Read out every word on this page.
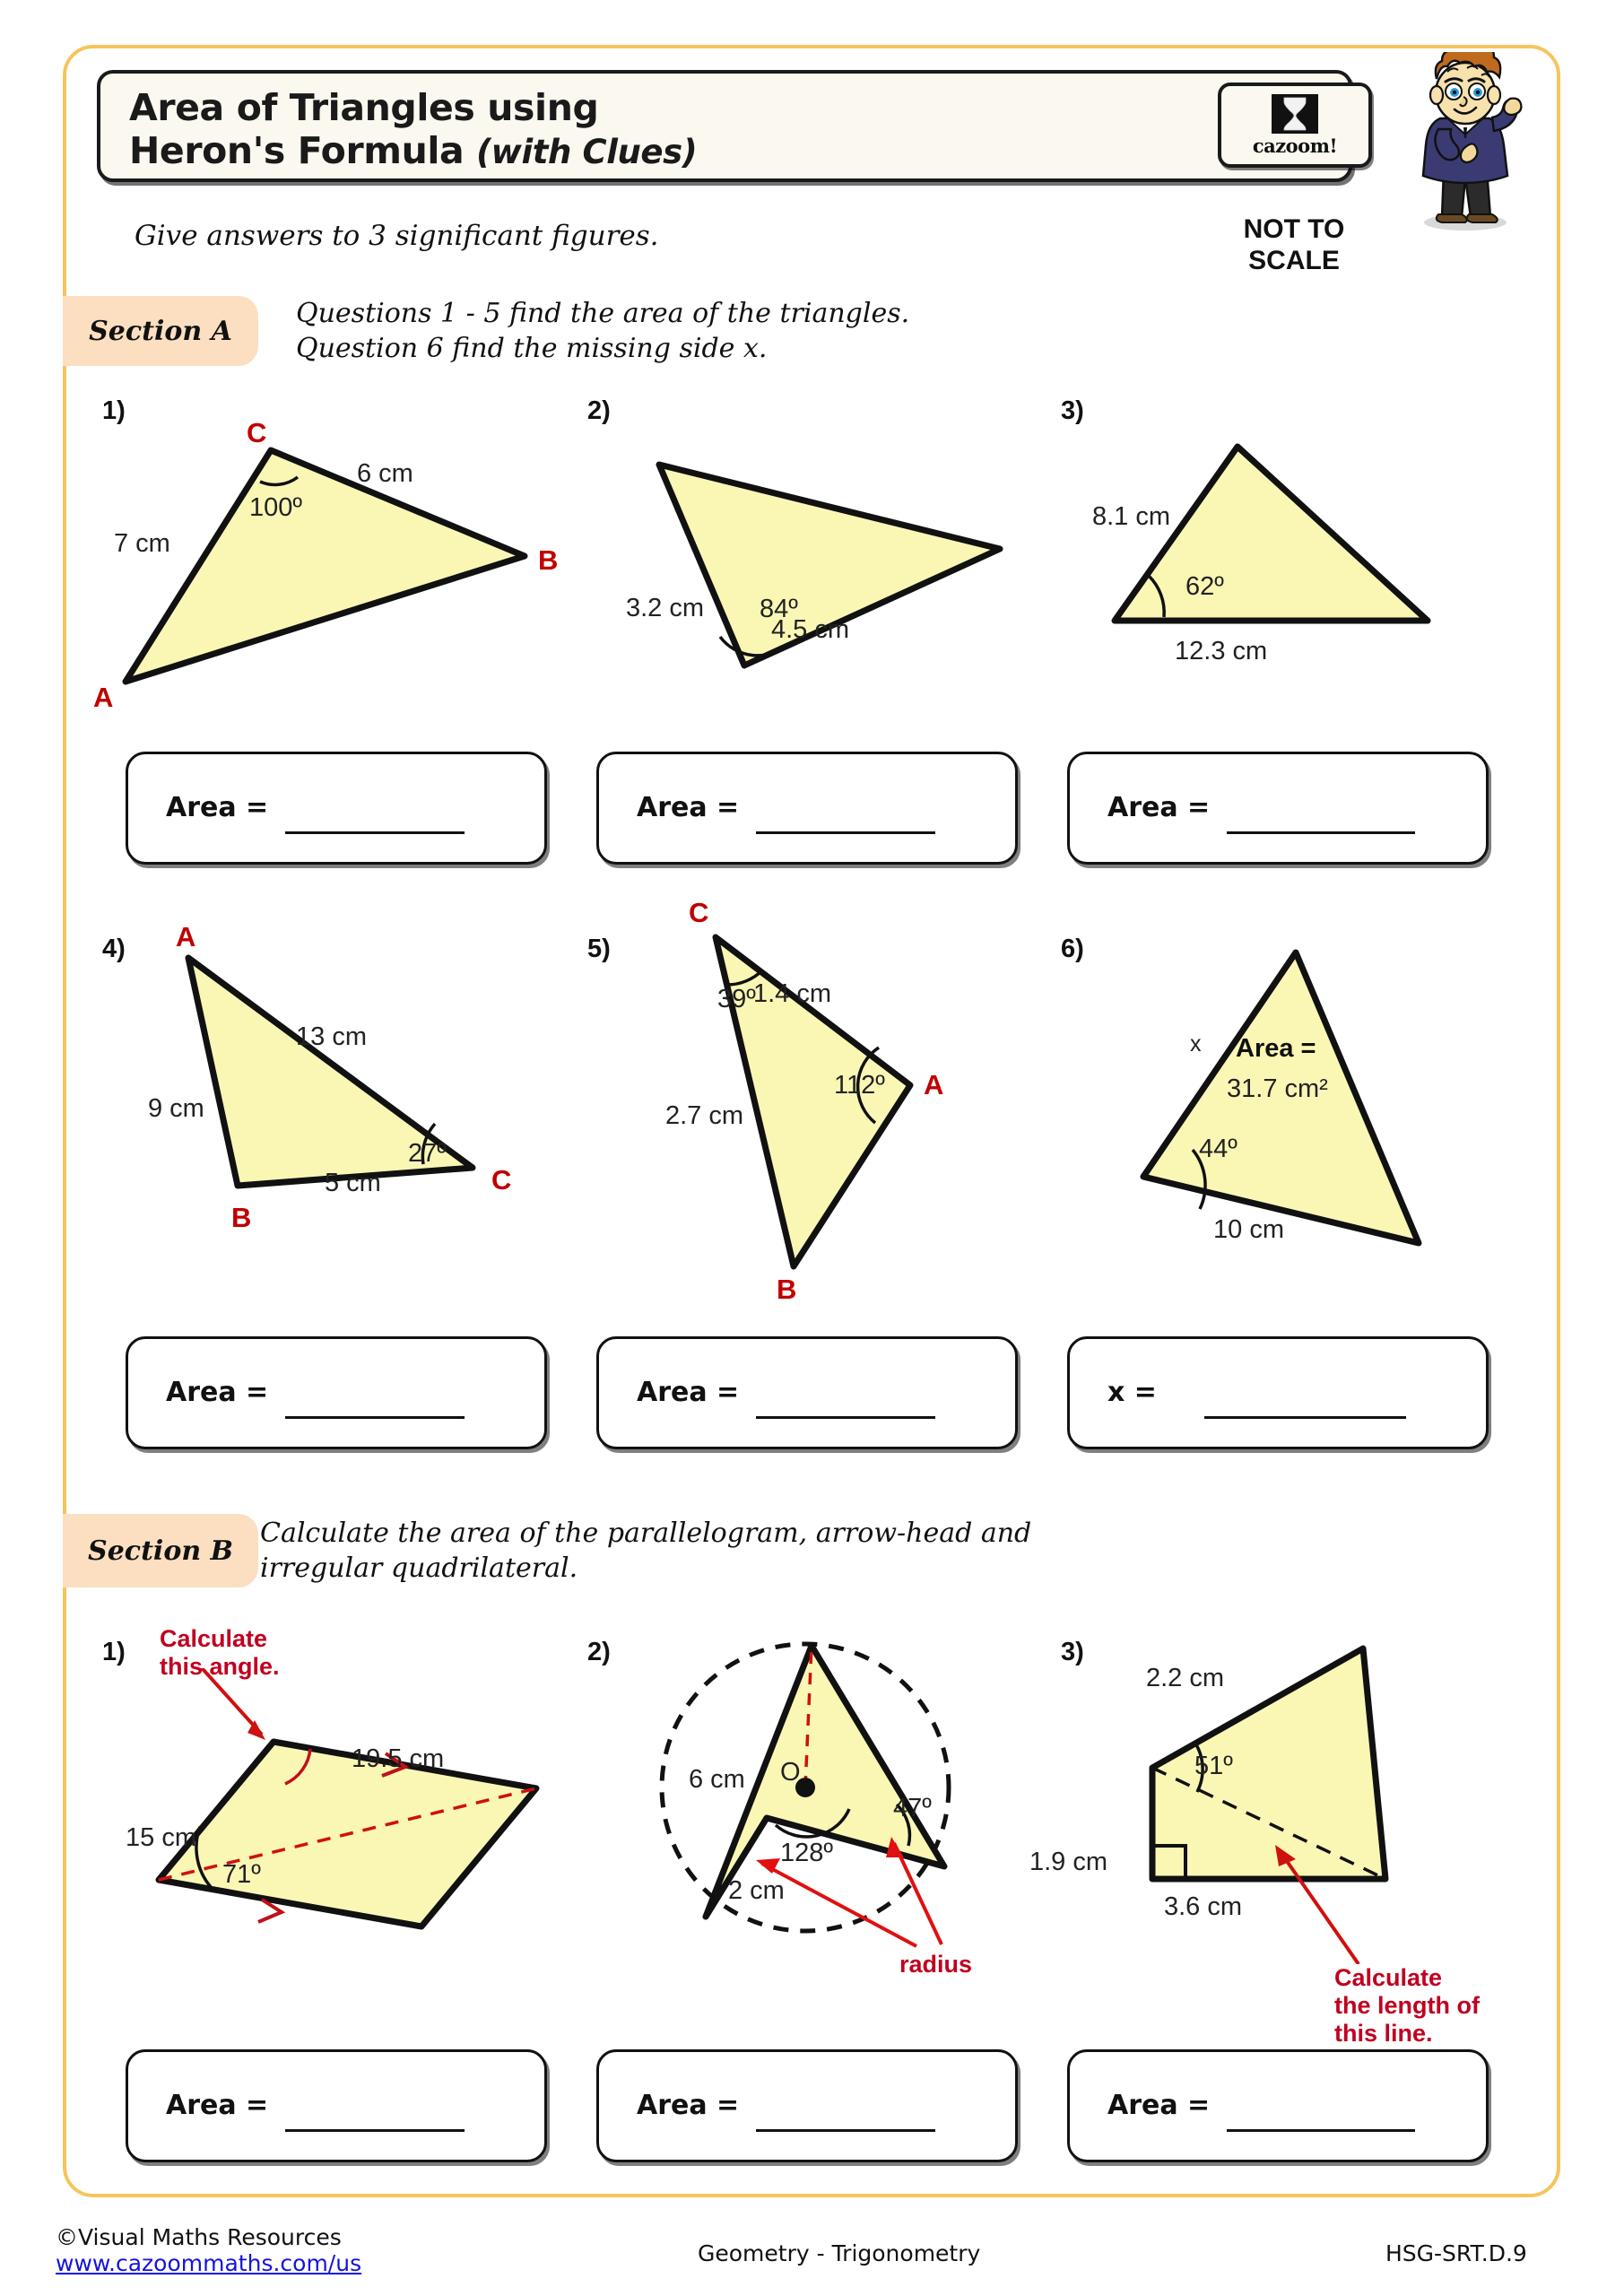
Area of Triangles using
Heron's Formula (with Clues)	cazoom!
Give answers to 3 significant figures.	NOT TO
SCALE
Section A
Questions 1 - 5 find the area of the triangles.
Question 6 find the missing side x.
1)
C
B
A
7 cm
6 cm
100º
2)
3.2 cm
4.5 cm
84º
3)
8.1 cm
62º
12.3 cm
Area =	Area =	Area =
4) A
B
C
13 cm
9 cm
5 cm
27º
5)
C
B
A
1.4 cm
2.7 cm
39º
112º
6)
x Area =
31.7 cm²
44º
10 cm
Area =	Area =	x =
Section B
Calculate the area of the parallelogram, arrow-head and
irregular quadrilateral.
1) Calculate
this angle.
19.5 cm
15 cm
71º
2)
6 cm O
128º
47º
2 cm
radius
3)
2.2 cm
51º
1.9 cm
3.6 cm
Calculate
the length of
this line.
Area =	Area =	Area =
©Visual Maths Resources
www.cazoommaths.com/us	Geometry - Trigonometry	HSG-SRT.D.9
